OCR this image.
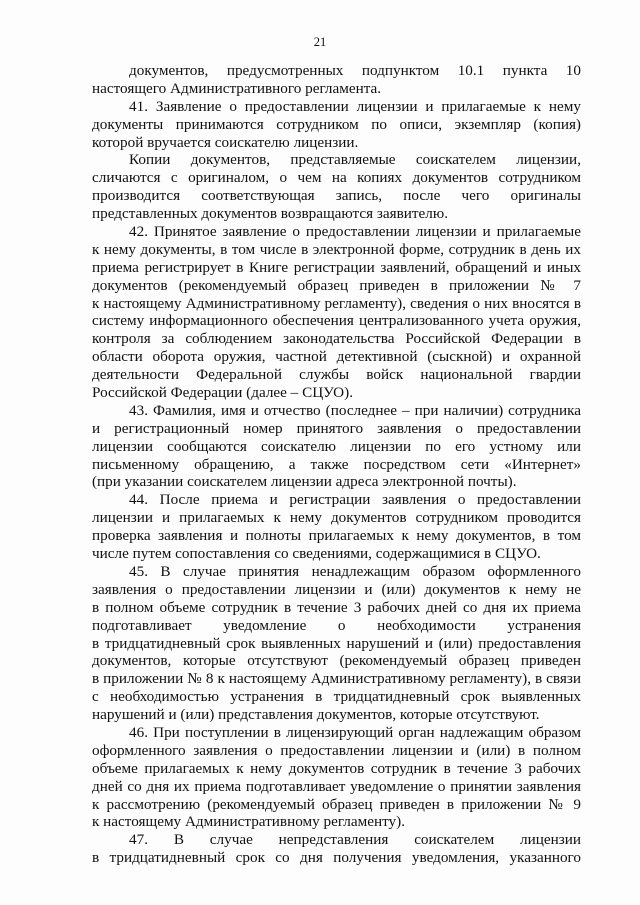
21
документов, предусмотренных подпунктом 10.1 пункта 10
настоящего Административного регламента.
41. Заявление о предоставлении лицензии и прилагаемые к нему
документы принимаются сотрудником по описи, экземпляр (копия)
которой вручается соискателю лицензии.
Копии документов, представляемые соискателем лицензии,
сличаются с оригиналом, о чем на копиях документов сотрудником
производится соответствующая запись, после чего оригиналы
представленных документов возвращаются заявителю.
42. Принятое заявление о предоставлении лицензии и прилагаемые
к нему документы, в том числе в электронной форме, сотрудник в день их
приема регистрирует в Книге регистрации заявлений, обращений и иных
документов (рекомендуемый образец приведен в приложении № 7
к настоящему Административному регламенту), сведения о них вносятся в
систему информационного обеспечения централизованного учета оружия,
контроля за соблюдением законодательства Российской Федерации в
области оборота оружия, частной детективной (сыскной) и охранной
деятельности Федеральной службы войск национальной гвардии
Российской Федерации (далее – СЦУО).
43. Фамилия, имя и отчество (последнее – при наличии) сотрудника
и регистрационный номер принятого заявления о предоставлении
лицензии сообщаются соискателю лицензии по его устному или
письменному обращению, а также посредством сети «Интернет»
(при указании соискателем лицензии адреса электронной почты).
44. После приема и регистрации заявления о предоставлении
лицензии и прилагаемых к нему документов сотрудником проводится
проверка заявления и полноты прилагаемых к нему документов, в том
числе путем сопоставления со сведениями, содержащимися в СЦУО.
45. В случае принятия ненадлежащим образом оформленного
заявления о предоставлении лицензии и (или) документов к нему не
в полном объеме сотрудник в течение 3 рабочих дней со дня их приема
подготавливает уведомление о необходимости устранения
в тридцатидневный срок выявленных нарушений и (или) предоставления
документов, которые отсутствуют (рекомендуемый образец приведен
в приложении № 8 к настоящему Административному регламенту), в связи
с необходимостью устранения в тридцатидневный срок выявленных
нарушений и (или) представления документов, которые отсутствуют.
46. При поступлении в лицензирующий орган надлежащим образом
оформленного заявления о предоставлении лицензии и (или) в полном
объеме прилагаемых к нему документов сотрудник в течение 3 рабочих
дней со дня их приема подготавливает уведомление о принятии заявления
к рассмотрению (рекомендуемый образец приведен в приложении № 9
к настоящему Административному регламенту).
47. В случае непредставления соискателем лицензии
в тридцатидневный срок со дня получения уведомления, указанного
